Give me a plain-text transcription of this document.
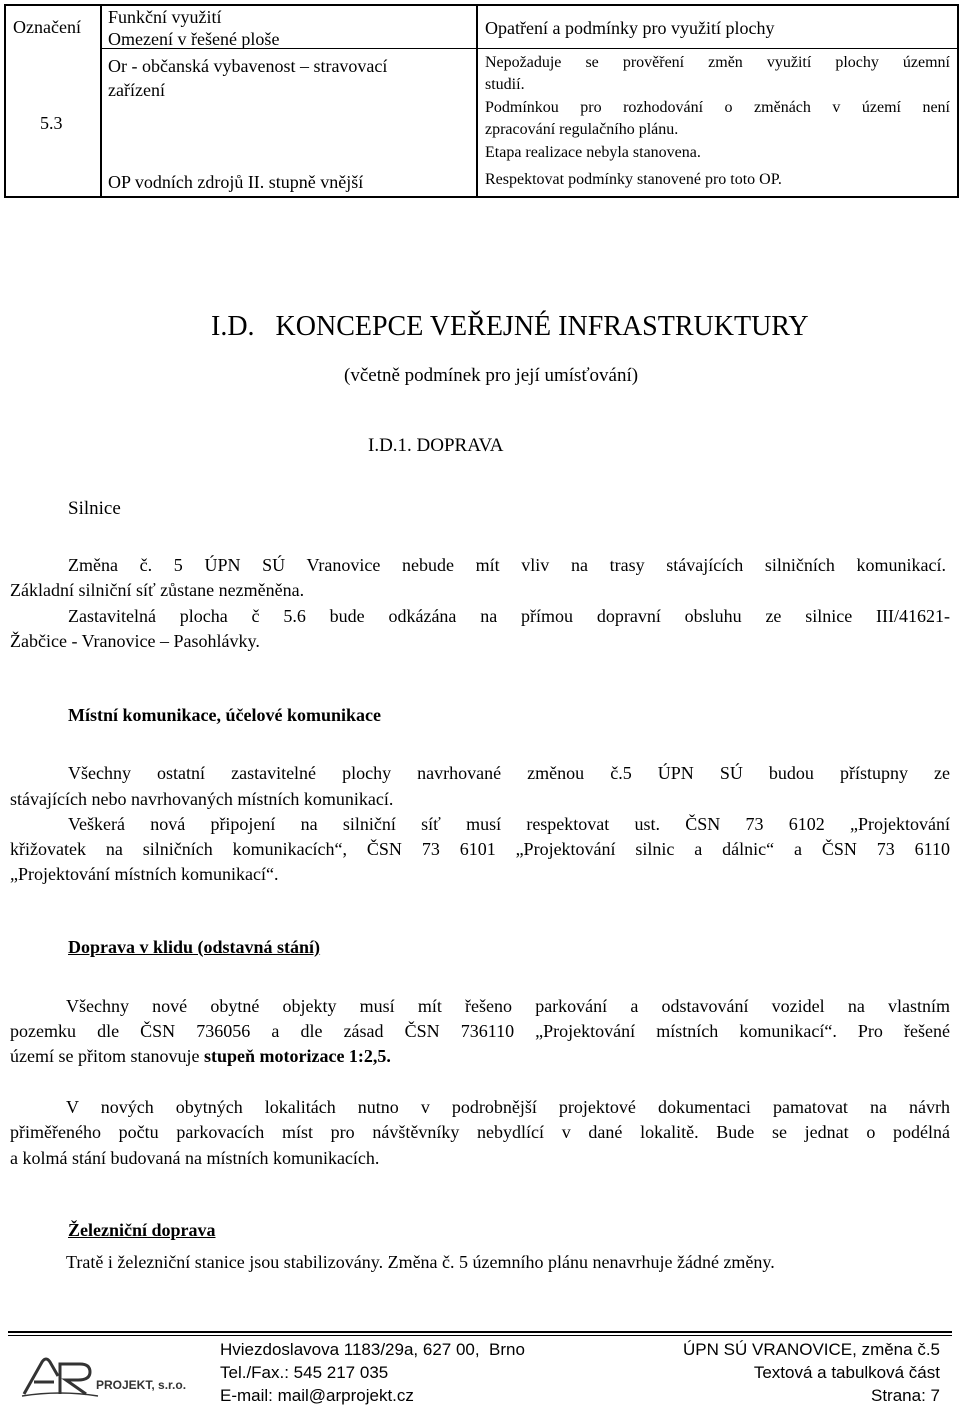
Označení Funkční využití
Omezení v řešené ploše
Opatření a podmínky pro využití plochy
5.3
Or - občanská vybavenost – stravovací
zařízení
OP vodních zdrojů II. stupně vnější
Nepožaduje se prověření změn využití plochy územní
studií.
Podmínkou pro rozhodování o změnách v území není
zpracování regulačního plánu.
Etapa realizace nebyla stanovena.
Respektovat podmínky stanovené pro toto OP.
I.D.   KONCEPCE VEŘEJNÉ INFRASTRUKTURY
(včetně podmínek pro její umísťování)
I.D.1. DOPRAVA
Silnice
Změna č. 5 ÚPN SÚ Vranovice nebude mít vliv na trasy stávajících silničních komunikací.
Základní silniční síť zůstane nezměněna.
Zastavitelná plocha č 5.6 bude odkázána na přímou dopravní obsluhu ze silnice III/41621-
Žabčice - Vranovice – Pasohlávky.
Místní komunikace, účelové komunikace
Všechny ostatní zastavitelné plochy navrhované změnou č.5 ÚPN SÚ budou přístupny ze
stávajících nebo navrhovaných místních komunikací.
Veškerá nová připojení na silniční síť musí respektovat ust. ČSN 73 6102 „Projektování
křižovatek na silničních komunikacích“, ČSN 73 6101 „Projektování silnic a dálnic“ a ČSN 73 6110
„Projektování místních komunikací“.
Doprava v klidu (odstavná stání)
Všechny nové obytné objekty musí mít řešeno parkování a odstavování vozidel na vlastním
pozemku dle ČSN 736056 a dle zásad ČSN 736110 „Projektování místních komunikací“. Pro řešené
území se přitom stanovuje stupeň motorizace 1:2,5.
V nových obytných lokalitách nutno v podrobnější projektové dokumentaci pamatovat na návrh
přiměřeného počtu parkovacích míst pro návštěvníky nebydlící v dané lokalitě. Bude se jednat o podélná
a kolmá stání budovaná na místních komunikacích.
Železniční doprava
Tratě i železniční stanice jsou stabilizovány. Změna č. 5 územního plánu nenavrhuje žádné změny.
PROJEKT, s.r.o.
Hviezdoslavova 1183/29a, 627 00,  Brno
Tel./Fax.: 545 217 035
E-mail: mail@arprojekt.cz
ÚPN SÚ VRANOVICE, změna č.5
Textová a tabulková část
Strana: 7
